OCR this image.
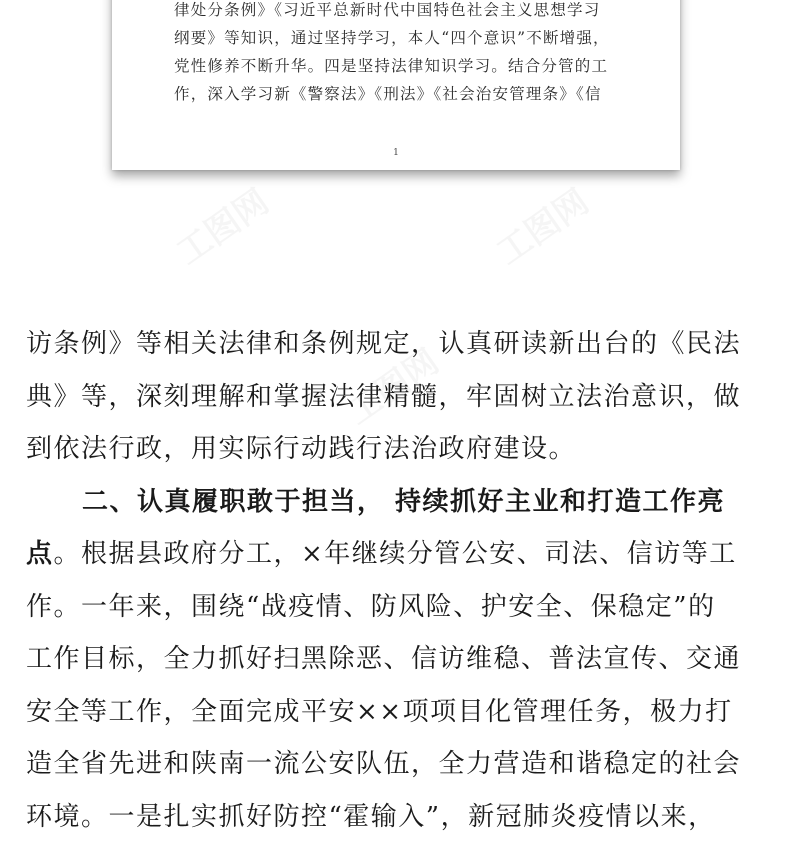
律处分条例》《习近平总新时代中国特色社会主义思想学习
纲要》等知识，通过坚持学习，本人“四个意识”不断增强，
党性修养不断升华。四是坚持法律知识学习。结合分管的工
作，深入学习新《警察法》《刑法》《社会治安管理条》《信
1
访条例》等相关法律和条例规定，认真研读新出台的《民法
典》等，深刻理解和掌握法律精髓，牢固树立法治意识，做
到依法行政，用实际行动践行法治政府建设。
二、认真履职敢于担当， 持续抓好主业和打造工作亮
点。根据县政府分工，×年继续分管公安、司法、信访等工
作。一年来，围绕“战疫情、防风险、护安全、保稳定”的
工作目标，全力抓好扫黑除恶、信访维稳、普法宣传、交通
安全等工作，全面完成平安××项项目化管理任务，极力打
造全省先进和陕南一流公安队伍，全力营造和谐稳定的社会
环境。一是扎实抓好防控“霍输入”，新冠肺炎疫情以来，
